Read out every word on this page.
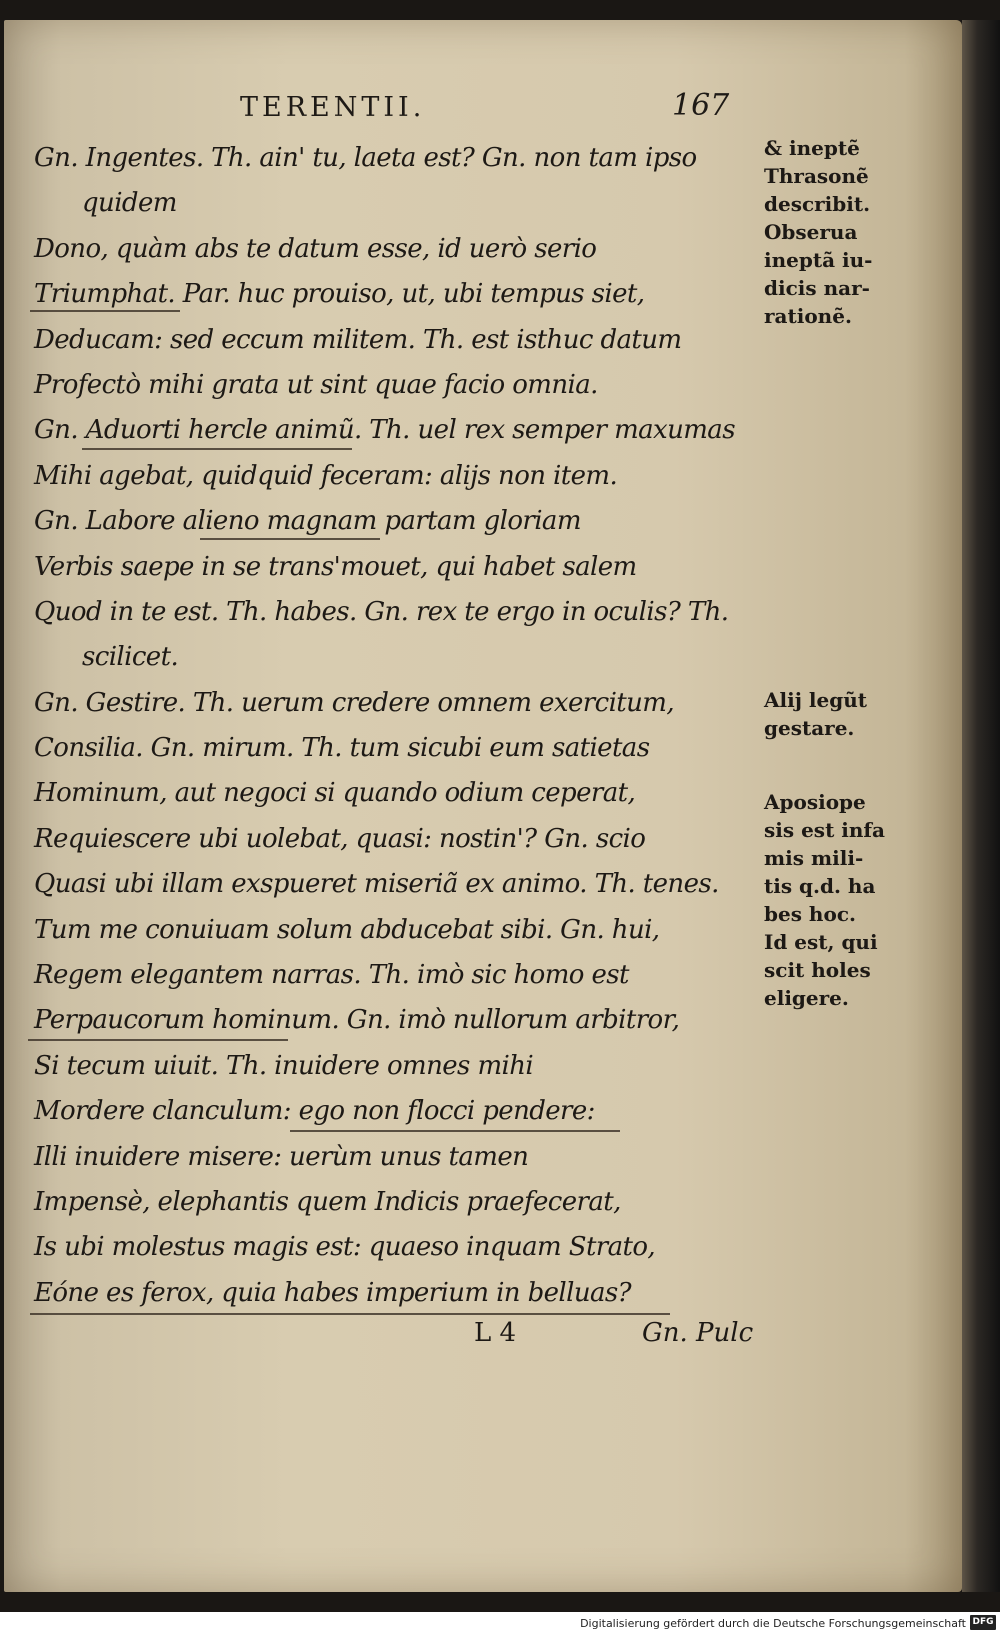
TERENTII.	167
Gn. Ingentes. Th. ain' tu, laeta est? Gn. non tam ipso
quidem
Dono, quàm abs te datum esse, id uerò serio
Triumphat. Par. huc prouiso, ut, ubi tempus siet,
Deducam: sed eccum militem. Th. est isthuc datum
Profectò mihi grata ut sint quae facio omnia.
Gn. Aduorti hercle animũ. Th. uel rex semper maxumas
Mihi agebat, quidquid feceram: alijs non item.
Gn. Labore alieno magnam partam gloriam
Verbis saepe in se trans'mouet, qui habet salem
Quod in te est. Th. habes. Gn. rex te ergo in oculis? Th.
scilicet.
Gn. Gestire. Th. uerum credere omnem exercitum,
Consilia. Gn. mirum. Th. tum sicubi eum satietas
Hominum, aut negoci si quando odium ceperat,
Requiescere ubi uolebat, quasi: nostin'? Gn. scio
Quasi ubi illam exspueret miseriã ex animo. Th. tenes.
Tum me conuiuam solum abducebat sibi. Gn. hui,
Regem elegantem narras. Th. imò sic homo est
Perpaucorum hominum. Gn. imò nullorum arbitror,
Si tecum uiuit. Th. inuidere omnes mihi
Mordere clanculum: ego non flocci pendere:
Illi inuidere misere: uerùm unus tamen
Impensè, elephantis quem Indicis praefecerat,
Is ubi molestus magis est: quaeso inquam Strato,
Eóne es ferox, quia habes imperium in belluas?
& ineptẽ
Thrasonẽ
describit.
Obserua
ineptã iu-
dicis nar-
rationẽ.
Alij legũt
gestare.
Aposiope
sis est infa
mis mili-
tis q.d. ha
bes hoc.
Id est, qui
scit holes
eligere.
L 4	Gn. Pulc
Digitalisierung gefördert durch die Deutsche Forschungsgemeinschaft DFG
